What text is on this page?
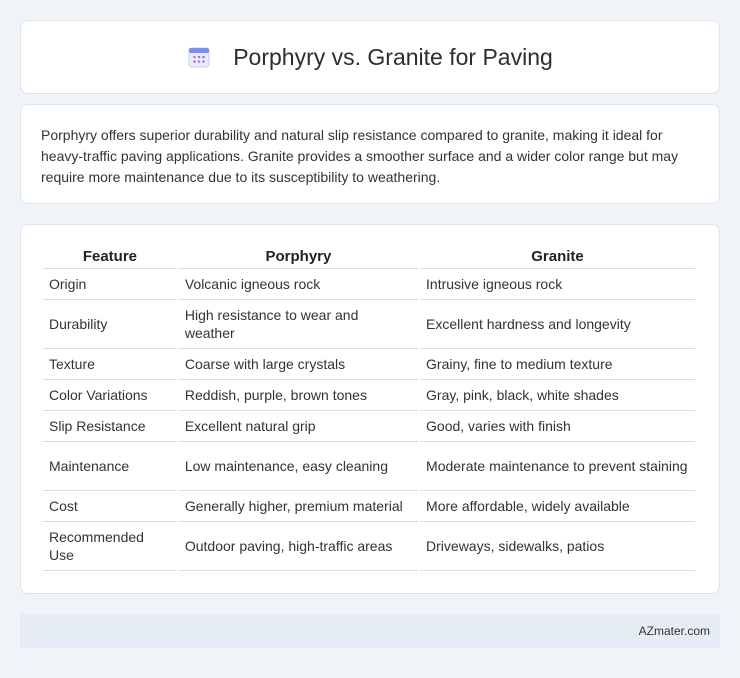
Porphyry vs. Granite for Paving

Porphyry offers superior durability and natural slip resistance compared to granite, making it ideal for heavy-traffic paving applications. Granite provides a smoother surface and a wider color range but may require more maintenance due to its susceptibility to weathering.

Feature	Porphyry	Granite
Origin	Volcanic igneous rock	Intrusive igneous rock
Durability	High resistance to wear and weather	Excellent hardness and longevity
Texture	Coarse with large crystals	Grainy, fine to medium texture
Color Variations	Reddish, purple, brown tones	Gray, pink, black, white shades
Slip Resistance	Excellent natural grip	Good, varies with finish
Maintenance	Low maintenance, easy cleaning	Moderate maintenance to prevent staining
Cost	Generally higher, premium material	More affordable, widely available
Recommended Use	Outdoor paving, high-traffic areas	Driveways, sidewalks, patios
AZmater.com
